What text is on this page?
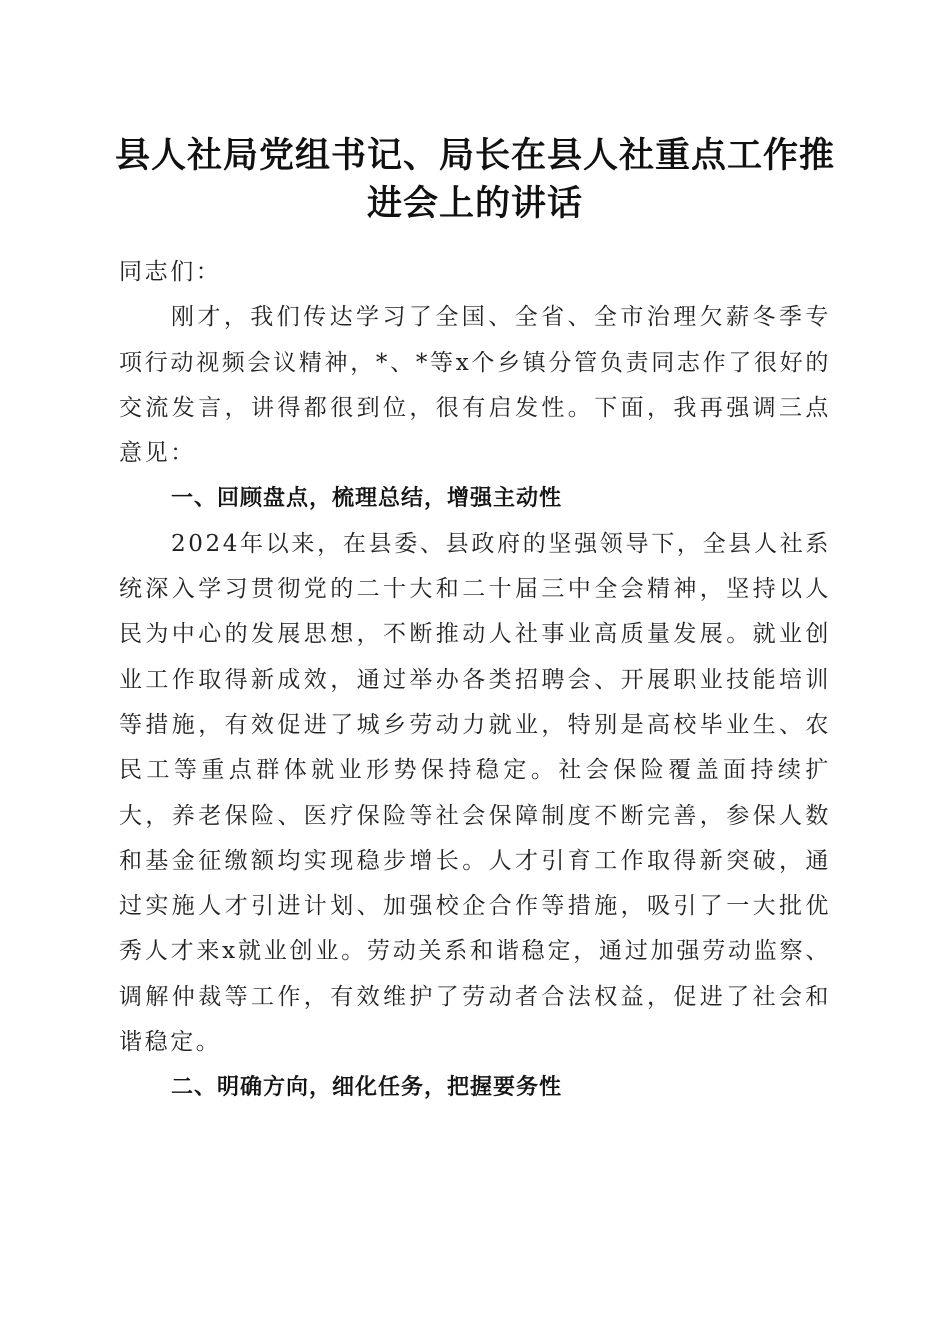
县人社局党组书记、局长在县人社重点工作推进会上的讲话

同志们：

刚才，我们传达学习了全国、全省、全市治理欠薪冬季专项行动视频会议精神，*、*等x个乡镇分管负责同志作了很好的交流发言，讲得都很到位，很有启发性。下面，我再强调三点意见：

一、回顾盘点，梳理总结，增强主动性

2024年以来，在县委、县政府的坚强领导下，全县人社系统深入学习贯彻党的二十大和二十届三中全会精神，坚持以人民为中心的发展思想，不断推动人社事业高质量发展。就业创业工作取得新成效，通过举办各类招聘会、开展职业技能培训等措施，有效促进了城乡劳动力就业，特别是高校毕业生、农民工等重点群体就业形势保持稳定。社会保险覆盖面持续扩大，养老保险、医疗保险等社会保障制度不断完善，参保人数和基金征缴额均实现稳步增长。人才引育工作取得新突破，通过实施人才引进计划、加强校企合作等措施，吸引了一大批优秀人才来x就业创业。劳动关系和谐稳定，通过加强劳动监察、调解仲裁等工作，有效维护了劳动者合法权益，促进了社会和谐稳定。

二、明确方向，细化任务，把握要务性
